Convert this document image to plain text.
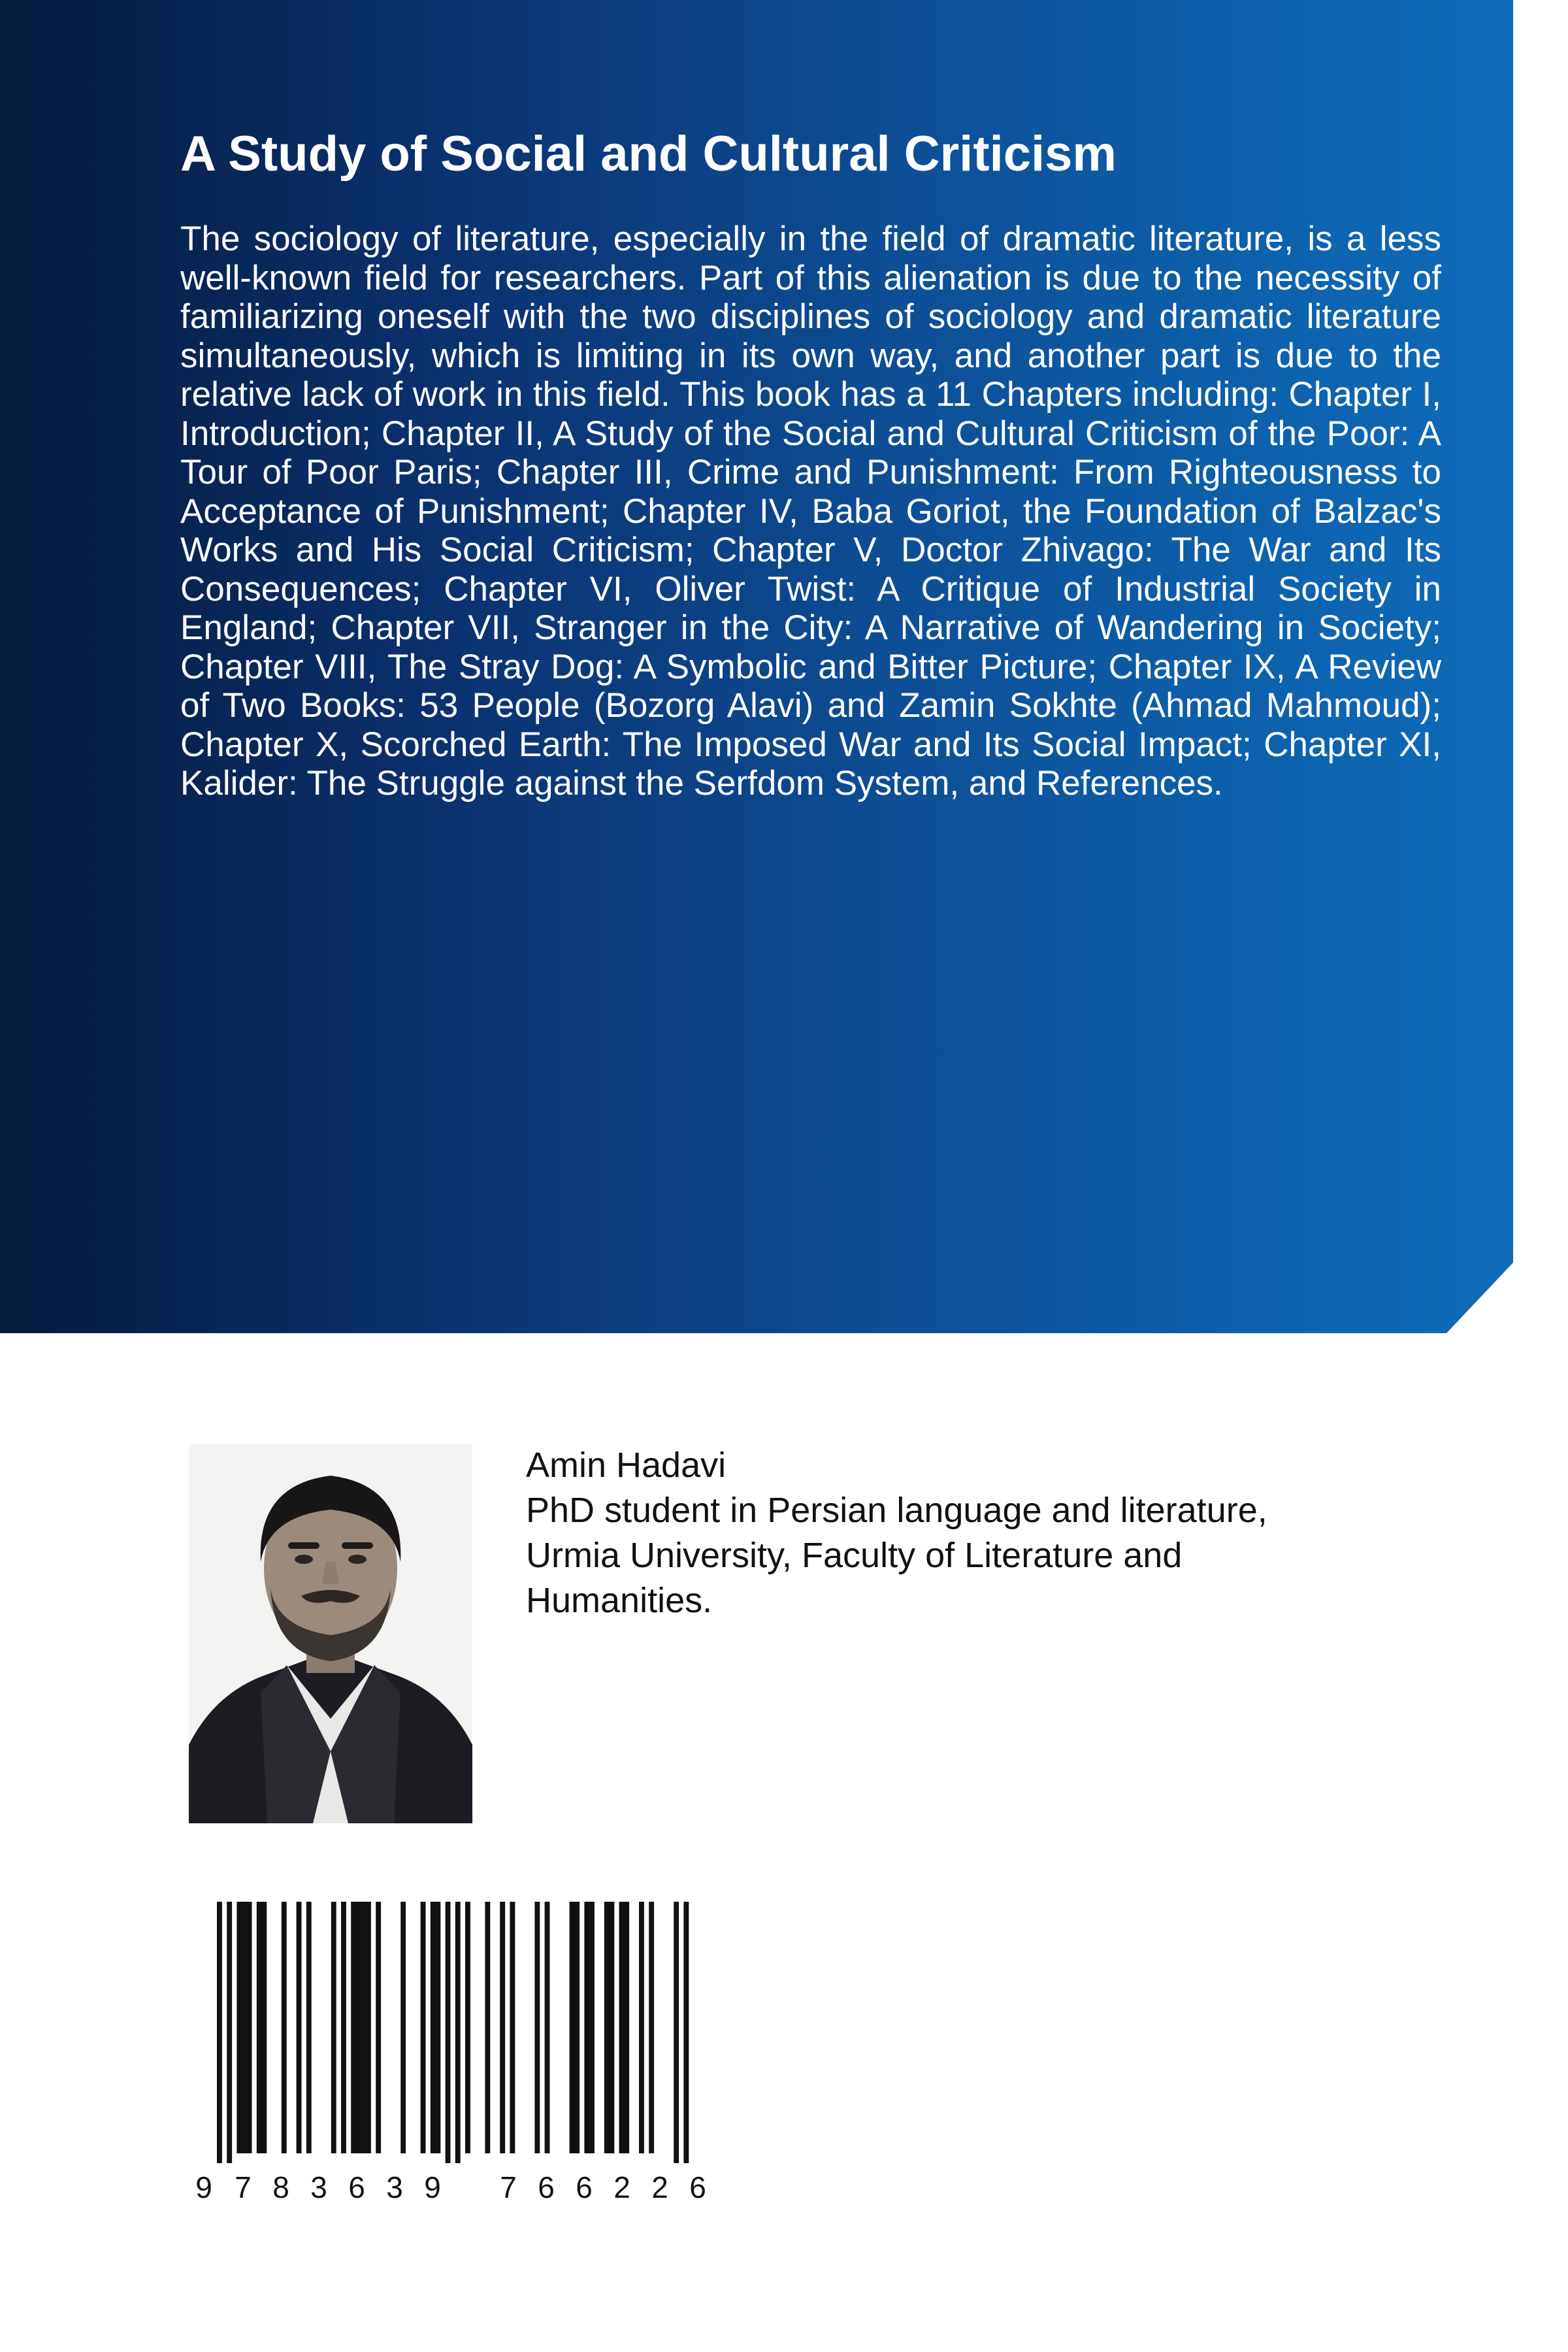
A Study of Social and Cultural Criticism

The sociology of literature, especially in the field of dramatic literature, is a less well-known field for researchers. Part of this alienation is due to the necessity of familiarizing oneself with the two disciplines of sociology and dramatic literature simultaneously, which is limiting in its own way, and another part is due to the relative lack of work in this field. This book has a 11 Chapters including: Chapter I, Introduction; Chapter II, A Study of the Social and Cultural Criticism of the Poor: A Tour of Poor Paris; Chapter III, Crime and Punishment: From Righteousness to Acceptance of Punishment; Chapter IV, Baba Goriot, the Foundation of Balzac's Works and His Social Criticism; Chapter V, Doctor Zhivago: The War and Its Consequences; Chapter VI, Oliver Twist: A Critique of Industrial Society in England; Chapter VII, Stranger in the City: A Narrative of Wandering in Society; Chapter VIII, The Stray Dog: A Symbolic and Bitter Picture; Chapter IX, A Review of Two Books: 53 People (Bozorg Alavi) and Zamin Sokhte (Ahmad Mahmoud); Chapter X, Scorched Earth: The Imposed War and Its Social Impact; Chapter XI, Kalider: The Struggle against the Serfdom System, and References.

Amin Hadavi
PhD student in Persian language and literature,
Urmia University, Faculty of Literature and
Humanities.
9 7 8 3 6 3 9 7 6 6 2 2 6
